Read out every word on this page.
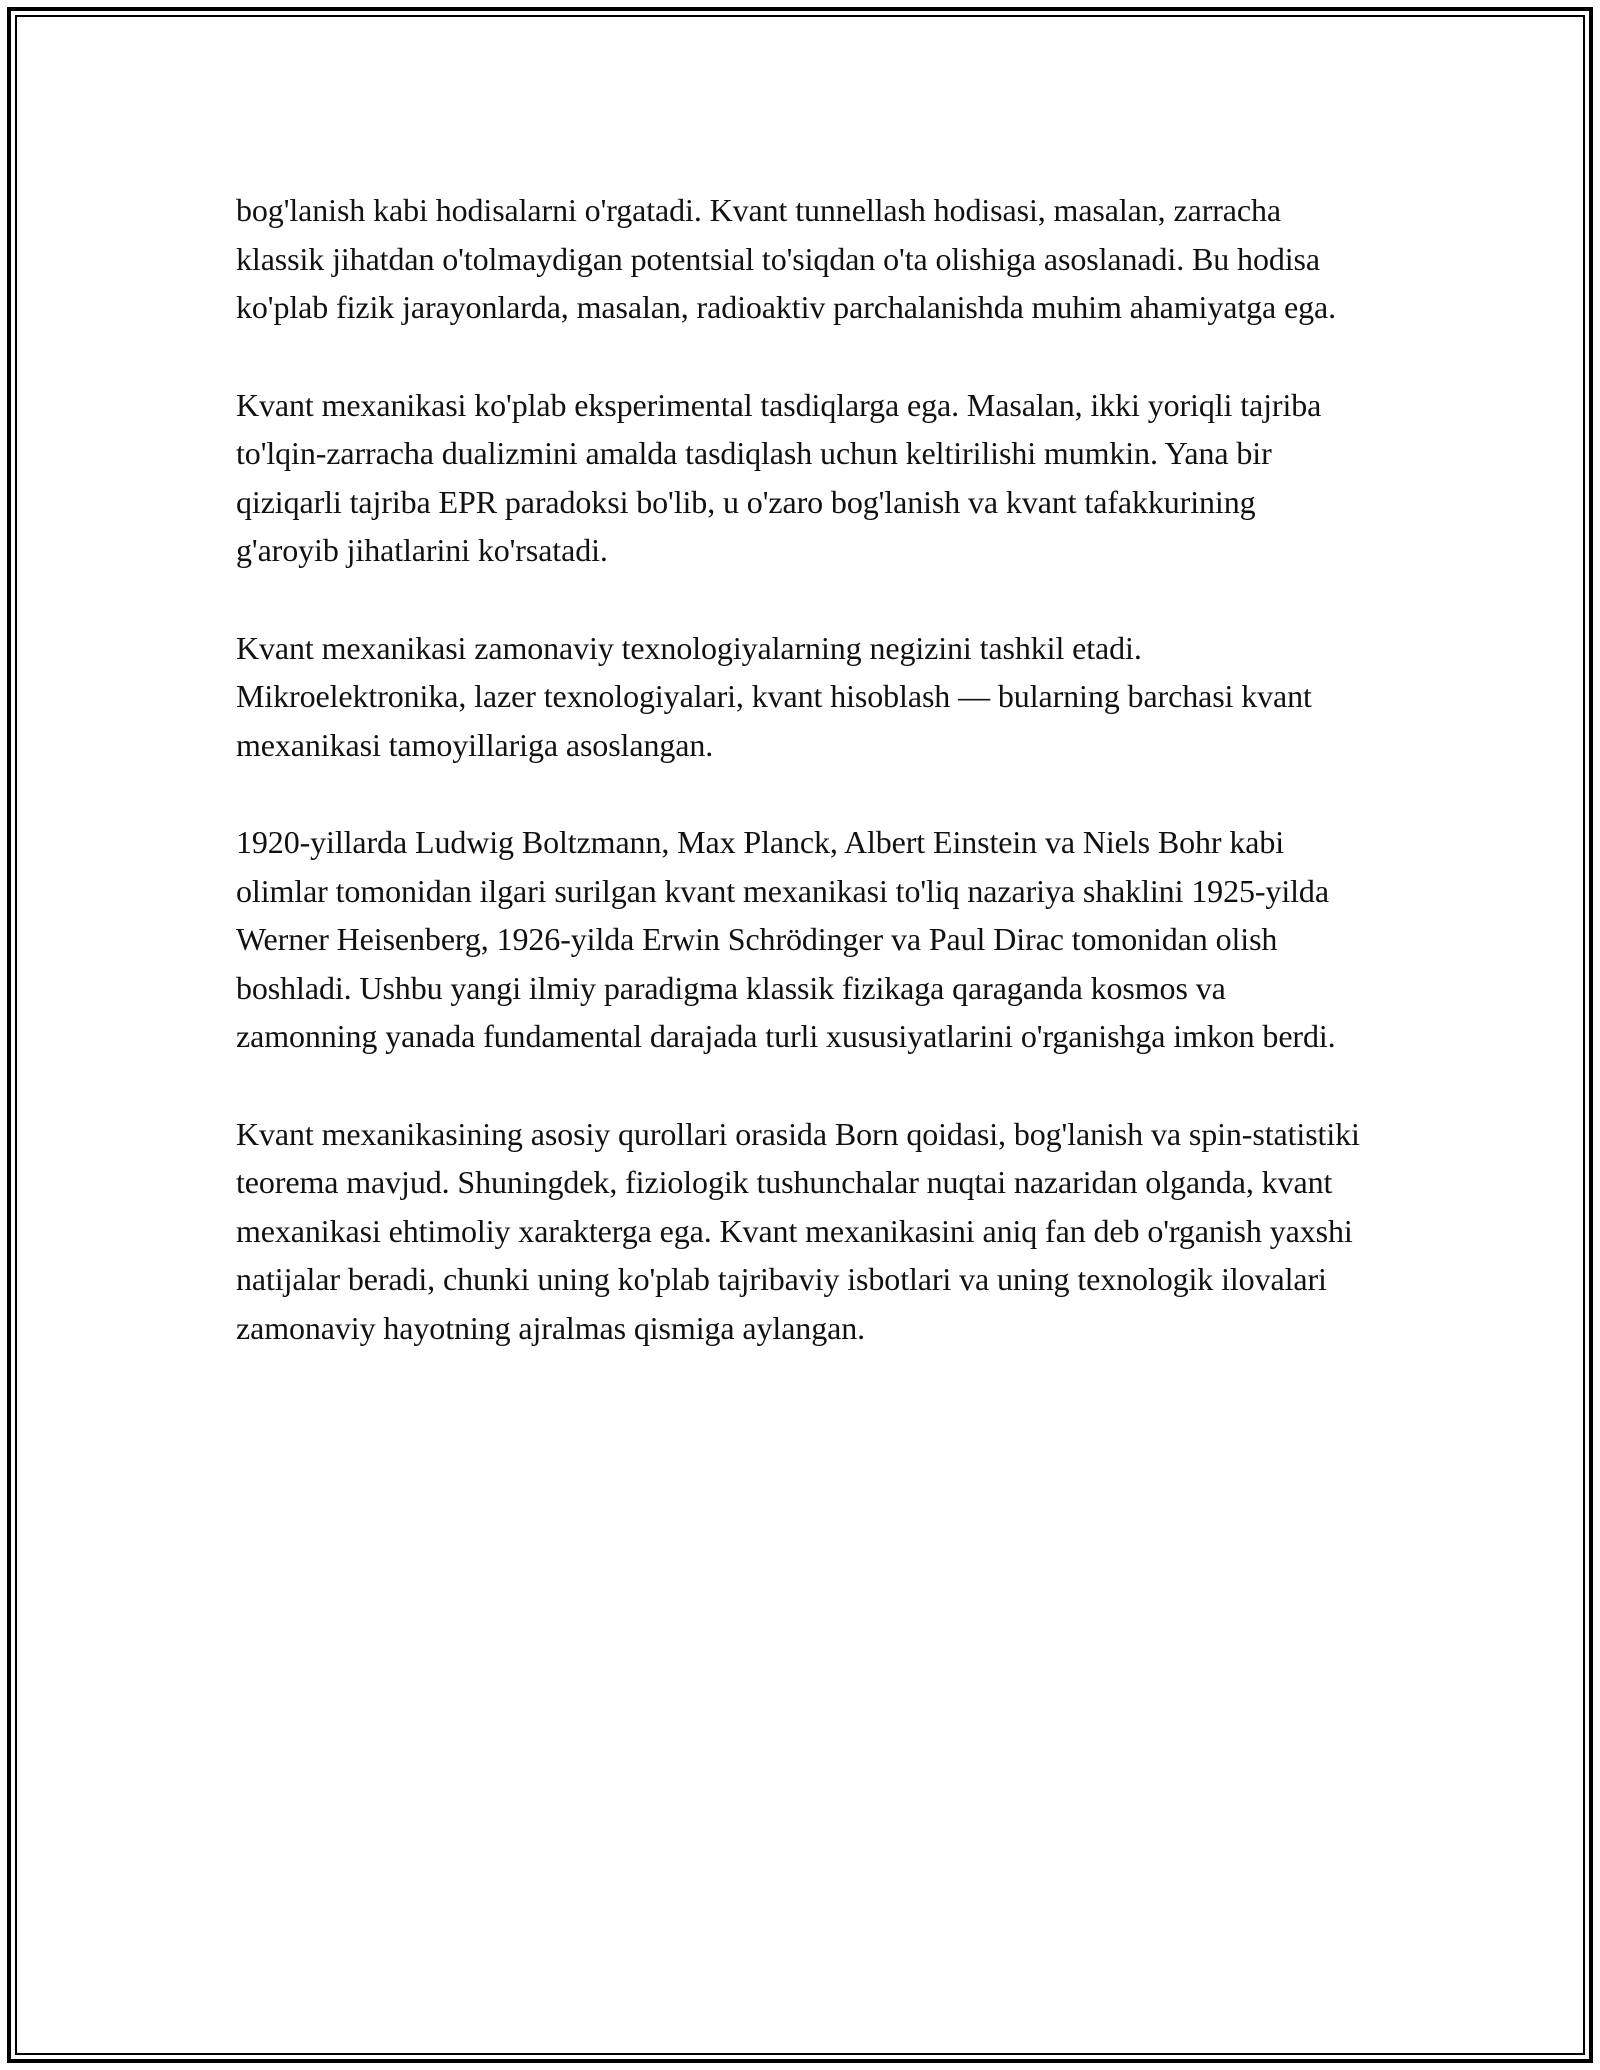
bog'lanish kabi hodisalarni o'rgatadi. Kvant tunnellash hodisasi, masalan, zarracha klassik jihatdan o'tolmaydigan potentsial to'siqdan o'ta olishiga asoslanadi. Bu hodisa ko'plab fizik jarayonlarda, masalan, radioaktiv parchalanishda muhim ahamiyatga ega.

Kvant mexanikasi ko'plab eksperimental tasdiqlarga ega. Masalan, ikki yoriqli tajriba to'lqin-zarracha dualizmini amalda tasdiqlash uchun keltirilishi mumkin. Yana bir qiziqarli tajriba EPR paradoksi bo'lib, u o'zaro bog'lanish va kvant tafakkurining g'aroyib jihatlarini ko'rsatadi.

Kvant mexanikasi zamonaviy texnologiyalarning negizini tashkil etadi. Mikroelektronika, lazer texnologiyalari, kvant hisoblash — bularning barchasi kvant mexanikasi tamoyillariga asoslangan.

1920-yillarda Ludwig Boltzmann, Max Planck, Albert Einstein va Niels Bohr kabi olimlar tomonidan ilgari surilgan kvant mexanikasi to'liq nazariya shaklini 1925-yilda Werner Heisenberg, 1926-yilda Erwin Schrödinger va Paul Dirac tomonidan olish boshladi. Ushbu yangi ilmiy paradigma klassik fizikaga qaraganda kosmos va zamonning yanada fundamental darajada turli xususiyatlarini o'rganishga imkon berdi.

Kvant mexanikasining asosiy qurollari orasida Born qoidasi, bog'lanish va spin-statistiki teorema mavjud. Shuningdek, fiziologik tushunchalar nuqtai nazaridan olganda, kvant mexanikasi ehtimoliy xarakterga ega. Kvant mexanikasini aniq fan deb o'rganish yaxshi natijalar beradi, chunki uning ko'plab tajribaviy isbotlari va uning texnologik ilovalari zamonaviy hayotning ajralmas qismiga aylangan.
